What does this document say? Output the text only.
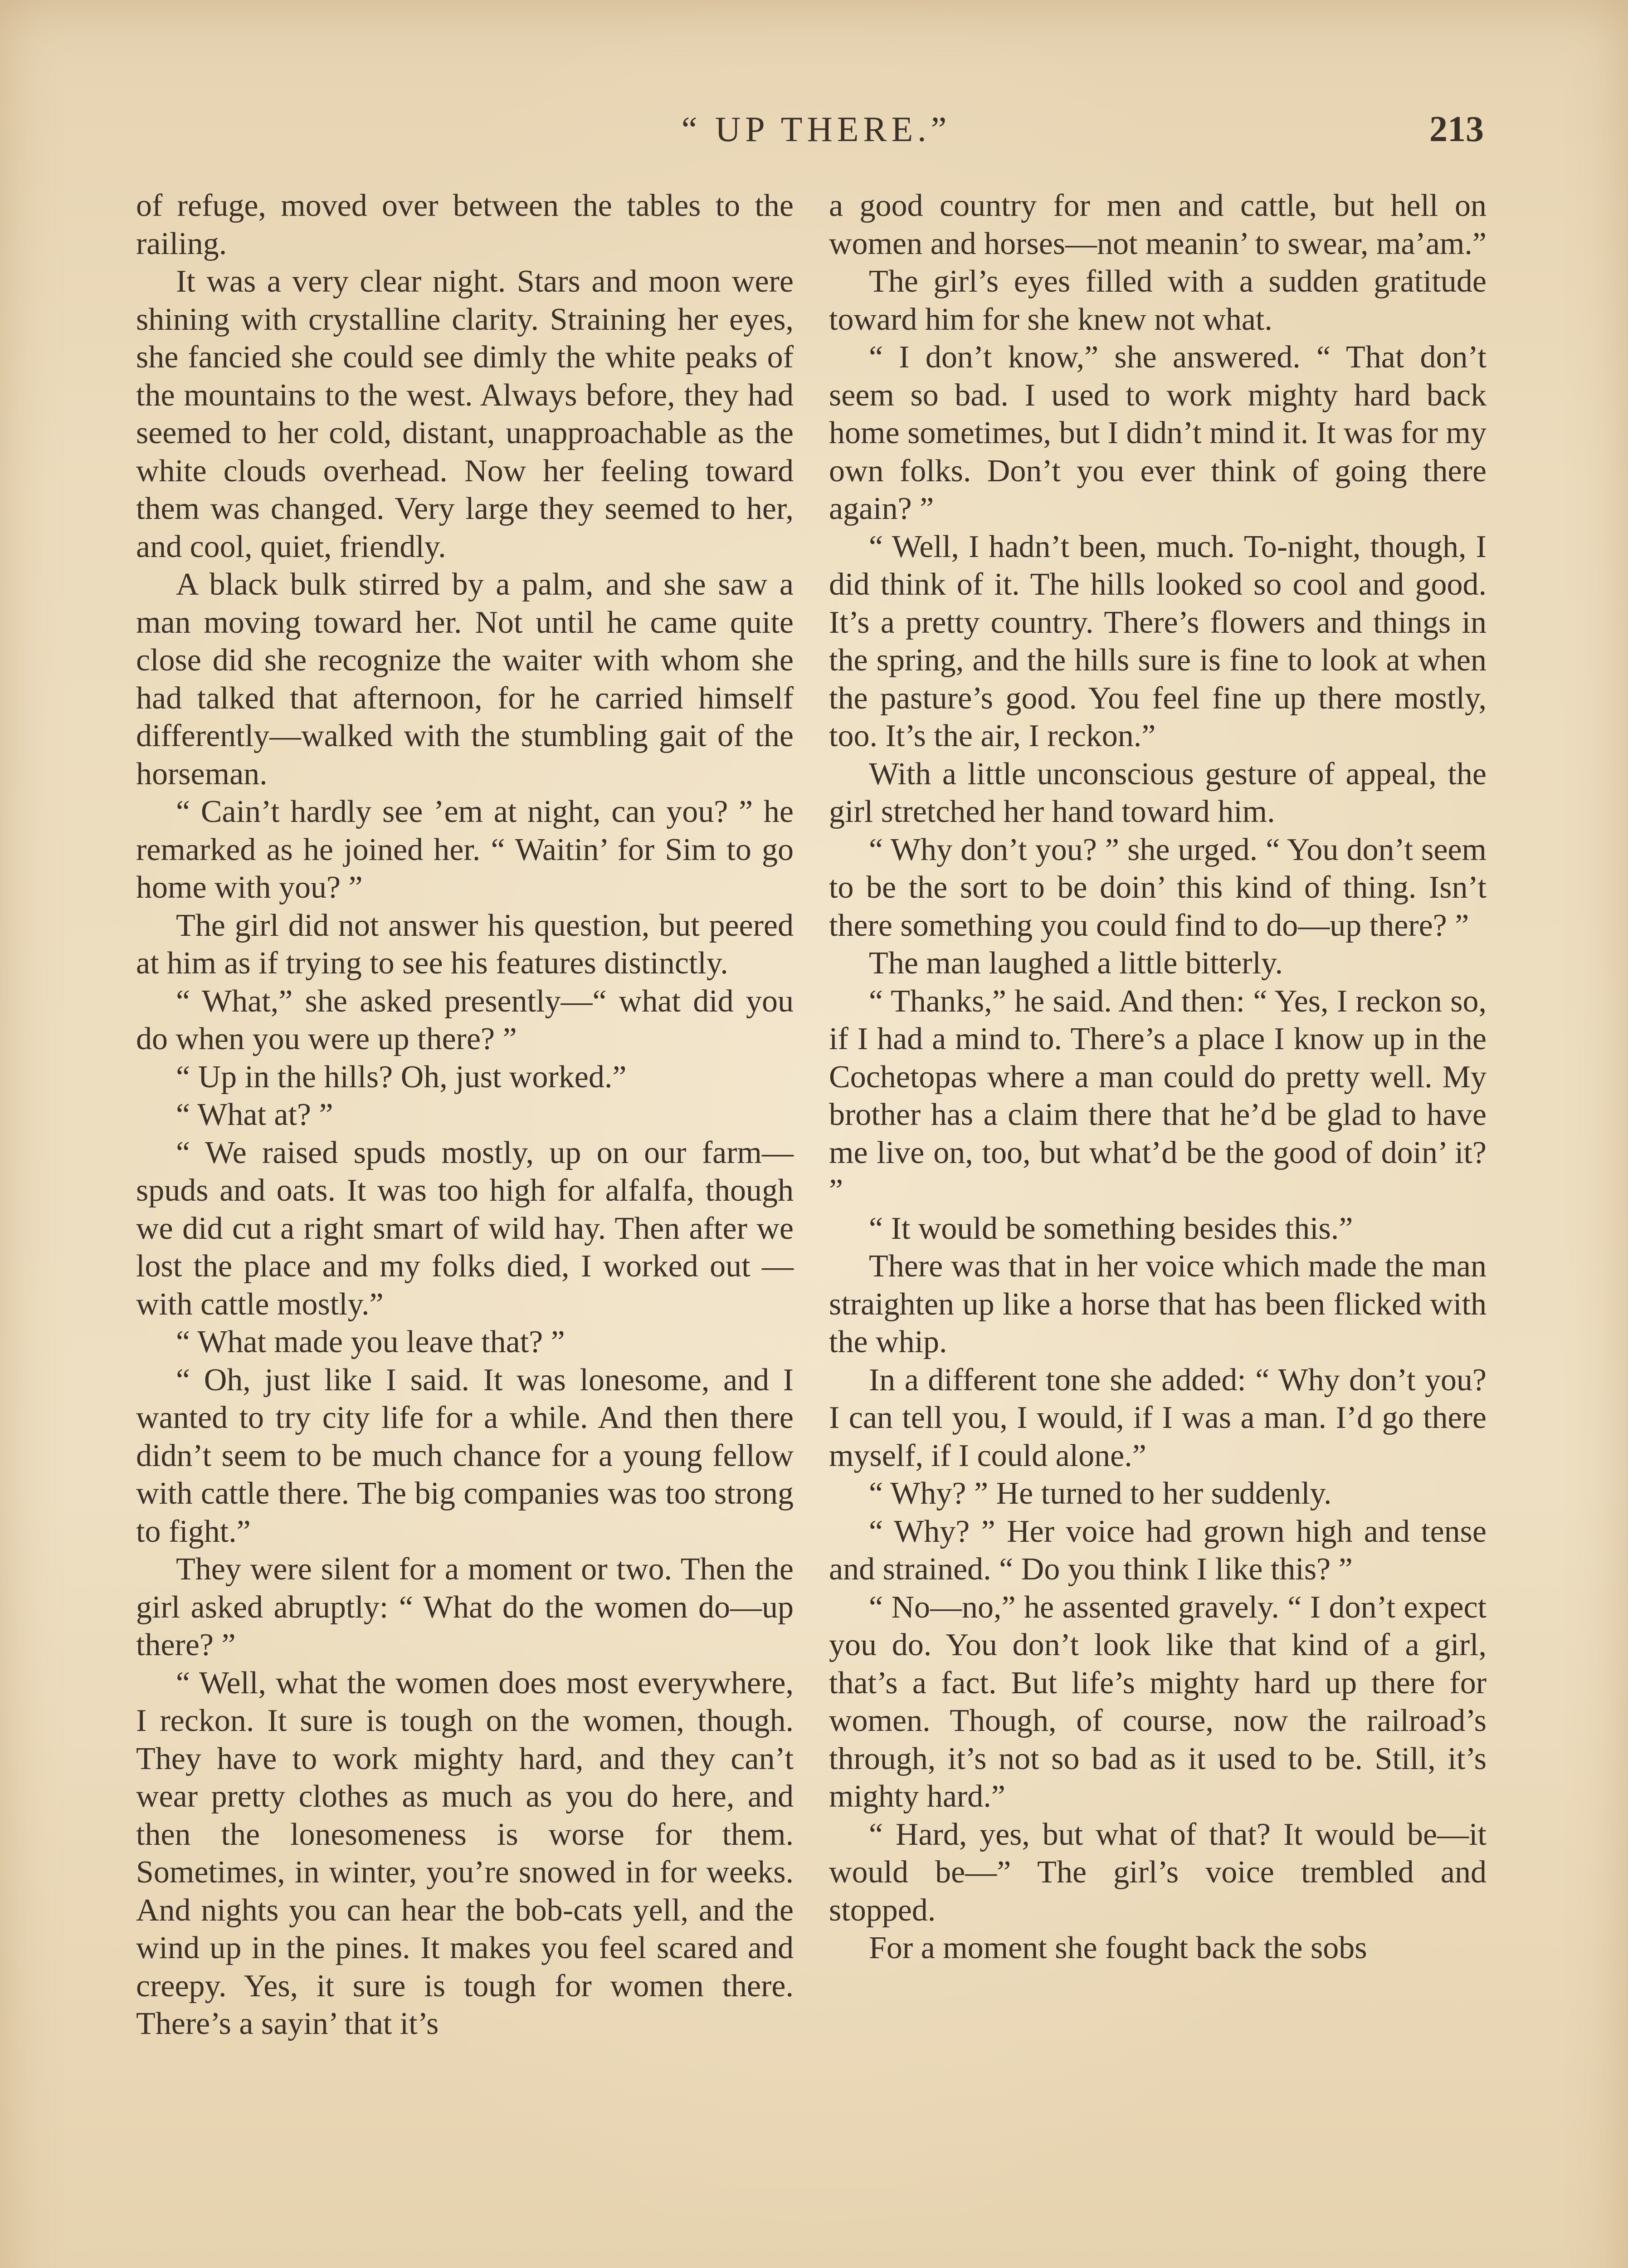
“ UP THERE.”	213

of refuge, moved over between the tables to the railing.

It was a very clear night. Stars and moon were shining with crystalline clarity. Straining her eyes, she fancied she could see dimly the white peaks of the mountains to the west. Always before, they had seemed to her cold, distant, unapproachable as the white clouds overhead. Now her feeling toward them was changed. Very large they seemed to her, and cool, quiet, friendly.

A black bulk stirred by a palm, and she saw a man moving toward her. Not until he came quite close did she recognize the waiter with whom she had talked that afternoon, for he carried himself differently—walked with the stumbling gait of the horseman.

“ Cain’t hardly see ’em at night, can you? ” he remarked as he joined her. “ Waitin’ for Sim to go home with you? ”

The girl did not answer his question, but peered at him as if trying to see his features distinctly.

“ What,” she asked presently—“ what did you do when you were up there? ”

“ Up in the hills? Oh, just worked.”

“ What at? ”

“ We raised spuds mostly, up on our farm—spuds and oats. It was too high for alfalfa, though we did cut a right smart of wild hay. Then after we lost the place and my folks died, I worked out —with cattle mostly.”

“ What made you leave that? ”

“ Oh, just like I said. It was lonesome, and I wanted to try city life for a while. And then there didn’t seem to be much chance for a young fellow with cattle there. The big companies was too strong to fight.”

They were silent for a moment or two. Then the girl asked abruptly: “ What do the women do—up there? ”

“ Well, what the women does most everywhere, I reckon. It sure is tough on the women, though. They have to work mighty hard, and they can’t wear pretty clothes as much as you do here, and then the lonesomeness is worse for them. Sometimes, in winter, you’re snowed in for weeks. And nights you can hear the bob-cats yell, and the wind up in the pines. It makes you feel scared and creepy. Yes, it sure is tough for women there. There’s a sayin’ that it’s

a good country for men and cattle, but hell on women and horses—not meanin’ to swear, ma’am.”

The girl’s eyes filled with a sudden gratitude toward him for she knew not what.

“ I don’t know,” she answered. “ That don’t seem so bad. I used to work mighty hard back home sometimes, but I didn’t mind it. It was for my own folks. Don’t you ever think of going there again? ”

“ Well, I hadn’t been, much. To-night, though, I did think of it. The hills looked so cool and good. It’s a pretty country. There’s flowers and things in the spring, and the hills sure is fine to look at when the pasture’s good. You feel fine up there mostly, too. It’s the air, I reckon.”

With a little unconscious gesture of appeal, the girl stretched her hand toward him.

“ Why don’t you? ” she urged. “ You don’t seem to be the sort to be doin’ this kind of thing. Isn’t there something you could find to do—up there? ”

The man laughed a little bitterly.

“ Thanks,” he said. And then: “ Yes, I reckon so, if I had a mind to. There’s a place I know up in the Cochetopas where a man could do pretty well. My brother has a claim there that he’d be glad to have me live on, too, but what’d be the good of doin’ it? ”

“ It would be something besides this.”

There was that in her voice which made the man straighten up like a horse that has been flicked with the whip.

In a different tone she added: “ Why don’t you? I can tell you, I would, if I was a man. I’d go there myself, if I could alone.”

“ Why? ” He turned to her suddenly.

“ Why? ” Her voice had grown high and tense and strained. “ Do you think I like this? ”

“ No—no,” he assented gravely. “ I don’t expect you do. You don’t look like that kind of a girl, that’s a fact. But life’s mighty hard up there for women. Though, of course, now the railroad’s through, it’s not so bad as it used to be. Still, it’s mighty hard.”

“ Hard, yes, but what of that? It would be—it would be—” The girl’s voice trembled and stopped.

For a moment she fought back the sobs
